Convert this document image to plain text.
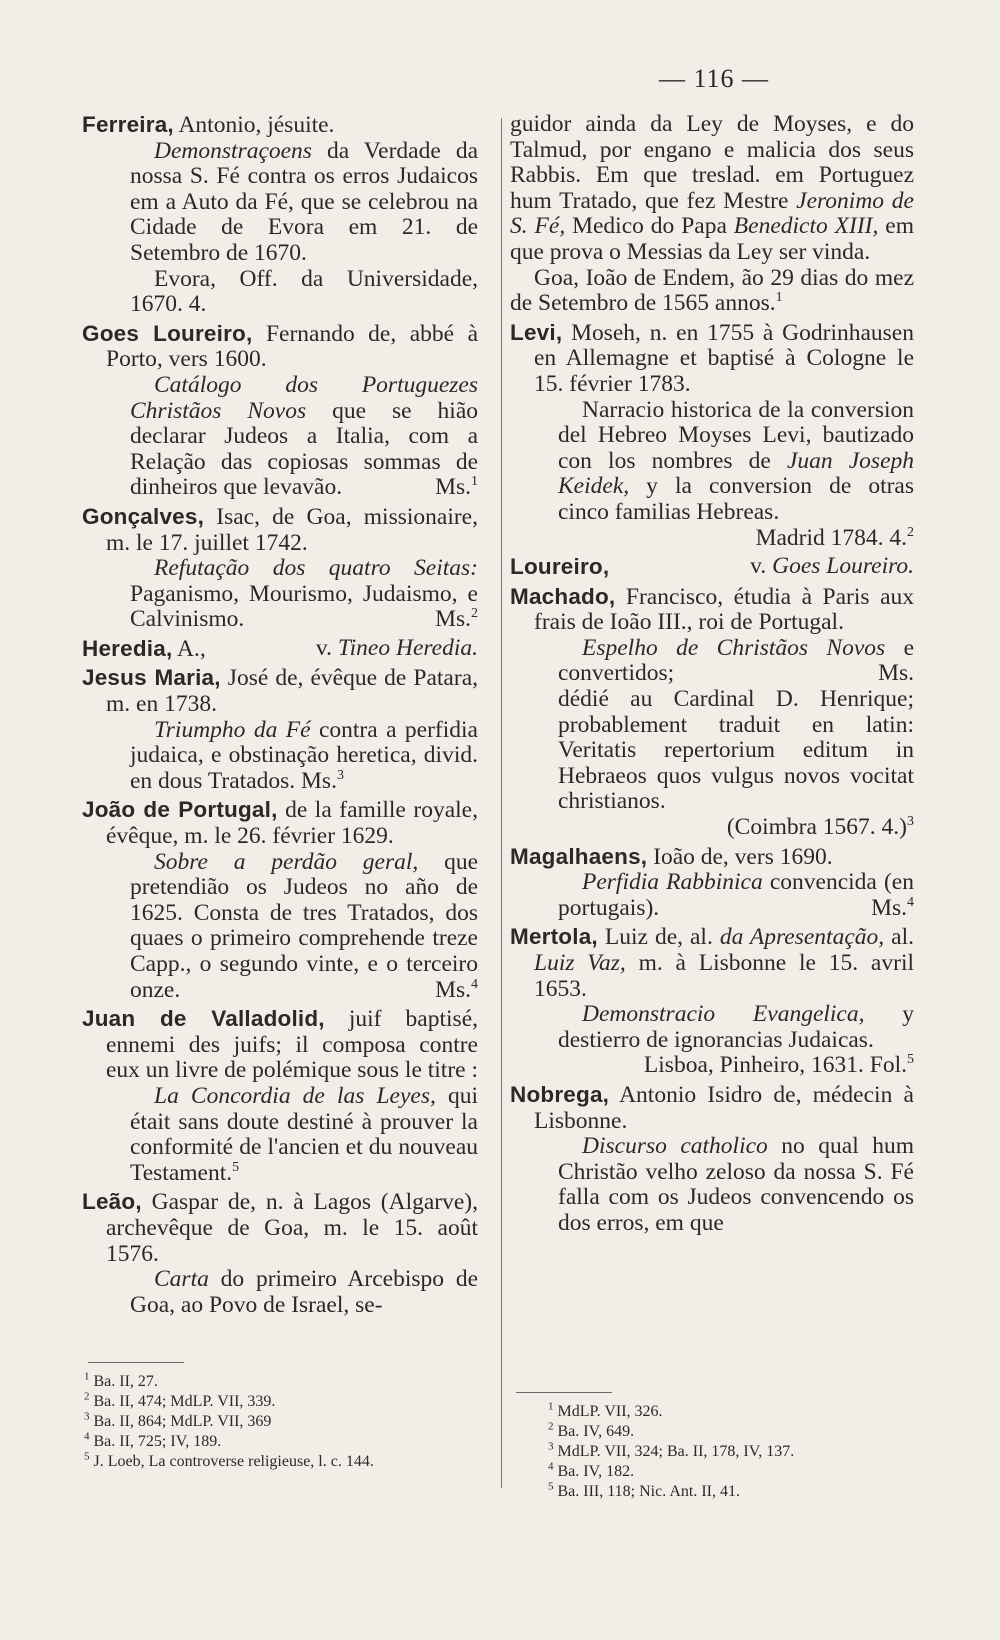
— 116 —
Ferreira, Antonio, jésuite.
Demonstraçoens da Verdade da nossa S. Fé contra os erros Judaicos em a Auto da Fé, que se celebrou na Cidade de Evora em 21. de Setembro de 1670.
Evora, Off. da Universidade, 1670. 4.
Goes Loureiro, Fernando de, abbé à Porto, vers 1600.
Catálogo dos Portuguezes Christãos Novos que se hião declarar Judeos a Italia, com a Relação das copiosas sommas de dinheiros que levavão.	Ms.$^1$
Gonçalves, Isac, de Goa, missionaire, m. le 17. juillet 1742.
Refutação dos quatro Seitas: Paganismo, Mourismo, Judaismo, e Calvinismo.	Ms.$^2$
Heredia, A.,	v. Tineo Heredia.
Jesus Maria, José de, évêque de Patara, m. en 1738.
Triumpho da Fé contra a perfidia judaica, e obstinação heretica, divid. en dous Tratados. Ms.$^3$
João de Portugal, de la famille royale, évêque, m. le 26. février 1629.
Sobre a perdão geral, que pretendião os Judeos no año de 1625. Consta de tres Tratados, dos quaes o primeiro comprehende treze Capp., o segundo vinte, e o terceiro onze.	Ms.$^4$
Juan de Valladolid, juif baptisé, ennemi des juifs; il composa contre eux un livre de polémique sous le titre :
La Concordia de las Leyes, qui était sans doute destiné à prouver la conformité de l'ancien et du nouveau Testament.$^5$
Leão, Gaspar de, n. à Lagos (Algarve), archevêque de Goa, m. le 15. août 1576.
Carta do primeiro Arcebispo de Goa, ao Povo de Israel, se-
$^1$ Ba. II, 27.
$^2$ Ba. II, 474; MdLP. VII, 339.
$^3$ Ba. II, 864; MdLP. VII, 369
$^4$ Ba. II, 725; IV, 189.
$^5$ J. Loeb, La controverse religieuse, l. c. 144.
guidor ainda da Ley de Moyses, e do Talmud, por engano e malicia dos seus Rabbis. Em que treslad. em Portuguez hum Tratado, que fez Mestre Jeronimo de S. Fé, Medico do Papa Benedicto XIII, em que prova o Messias da Ley ser vinda.
Goa, Ioão de Endem, ão 29 dias do mez de Setembro de 1565 annos.$^1$
Levi, Moseh, n. en 1755 à Godrinhausen en Allemagne et baptisé à Cologne le 15. février 1783.
Narracio historica de la conversion del Hebreo Moyses Levi, bautizado con los nombres de Juan Joseph Keidek, y la conversion de otras cinco familias Hebreas.
Madrid 1784. 4.$^2$
Loureiro,	v. Goes Loureiro.
Machado, Francisco, étudia à Paris aux frais de Ioão III., roi de Portugal.
Espelho de Christãos Novos e convertidos;	Ms.
dédié au Cardinal D. Henrique; probablement traduit en latin: Veritatis repertorium editum in Hebraeos quos vulgus novos vocitat christianos.
(Coimbra 1567. 4.)$^3$
Magalhaens, Ioão de, vers 1690.
Perfidia Rabbinica convencida (en portugais).	Ms.$^4$
Mertola, Luiz de, al. da Apresentação, al. Luiz Vaz, m. à Lisbonne le 15. avril 1653.
Demonstracio Evangelica, y destierro de ignorancias Judaicas.
Lisboa, Pinheiro, 1631. Fol.$^5$
Nobrega, Antonio Isidro de, médecin à Lisbonne.
Discurso catholico no qual hum Christão velho zeloso da nossa S. Fé falla com os Judeos convencendo os dos erros, em que
$^1$ MdLP. VII, 326.
$^2$ Ba. IV, 649.
$^3$ MdLP. VII, 324; Ba. II, 178, IV, 137.
$^4$ Ba. IV, 182.
$^5$ Ba. III, 118; Nic. Ant. II, 41.
